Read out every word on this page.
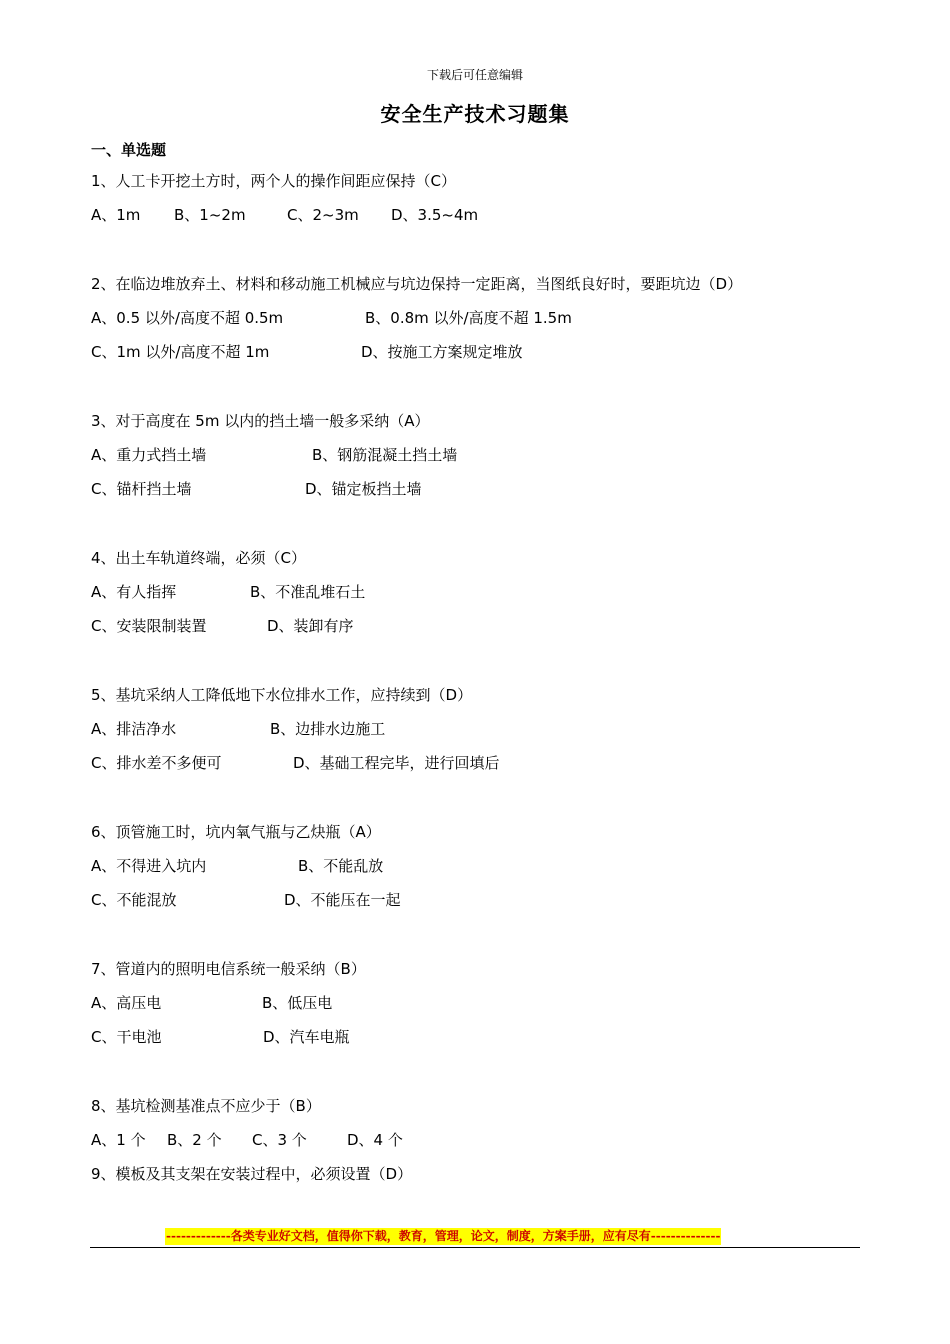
下载后可任意编辑
安全生产技术习题集
一、单选题
1、人工卡开挖土方时，两个人的操作间距应保持（C）
A、1m B、1~2m	C、2~3m D、3.5~4m
2、在临边堆放弃土、材料和移动施工机械应与坑边保持一定距离，当图纸良好时，要距坑边（D）
A、0.5 以外/高度不超 0.5m	B、0.8m 以外/高度不超 1.5m
C、1m 以外/高度不超 1m	D、按施工方案规定堆放
3、对于高度在 5m 以内的挡土墙一般多采纳（A）
A、重力式挡土墙	B、钢筋混凝土挡土墙
C、锚杆挡土墙	D、锚定板挡土墙
4、出土车轨道终端，必须（C）
A、有人指挥	B、不准乱堆石土
C、安装限制装置	D、装卸有序
5、基坑采纳人工降低地下水位排水工作，应持续到（D）
A、排洁净水	B、边排水边施工
C、排水差不多便可	D、基础工程完毕，进行回填后
6、顶管施工时，坑内氧气瓶与乙炔瓶（A）
A、不得进入坑内	B、不能乱放
C、不能混放	D、不能压在一起
7、管道内的照明电信系统一般采纳（B）
A、高压电	B、低压电
C、干电池	D、汽车电瓶
8、基坑检测基准点不应少于（B）
A、1 个 B、2 个 C、3 个	D、4 个
9、模板及其支架在安装过程中，必须设置（D）
-------------各类专业好文档，值得你下载，教育，管理，论文，制度，方案手册，应有尽有--------------
